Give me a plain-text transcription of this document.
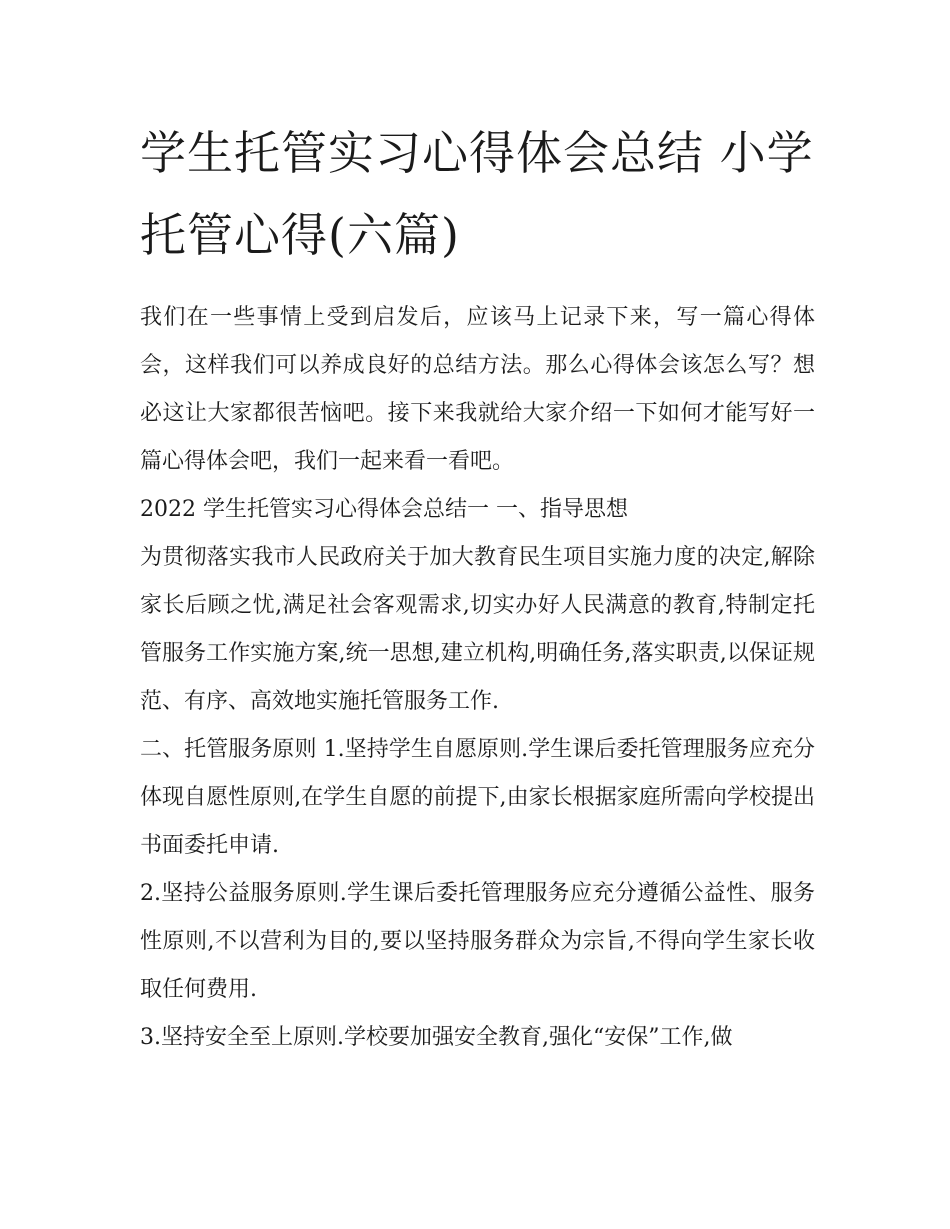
学生托管实习心得体会总结 小学托管心得(六篇)

我们在一些事情上受到启发后，应该马上记录下来，写一篇心得体会，这样我们可以养成良好的总结方法。那么心得体会该怎么写？想必这让大家都很苦恼吧。接下来我就给大家介绍一下如何才能写好一篇心得体会吧，我们一起来看一看吧。

2022 学生托管实习心得体会总结一 一、指导思想

为贯彻落实我市人民政府关于加大教育民生项目实施力度的决定,解除家长后顾之忧,满足社会客观需求,切实办好人民满意的教育,特制定托管服务工作实施方案,统一思想,建立机构,明确任务,落实职责,以保证规范、有序、高效地实施托管服务工作.

二、托管服务原则 1.坚持学生自愿原则.学生课后委托管理服务应充分体现自愿性原则,在学生自愿的前提下,由家长根据家庭所需向学校提出书面委托申请.

2.坚持公益服务原则.学生课后委托管理服务应充分遵循公益性、服务性原则,不以营利为目的,要以坚持服务群众为宗旨,不得向学生家长收取任何费用.

3.坚持安全至上原则.学校要加强安全教育,强化“安保”工作,做
